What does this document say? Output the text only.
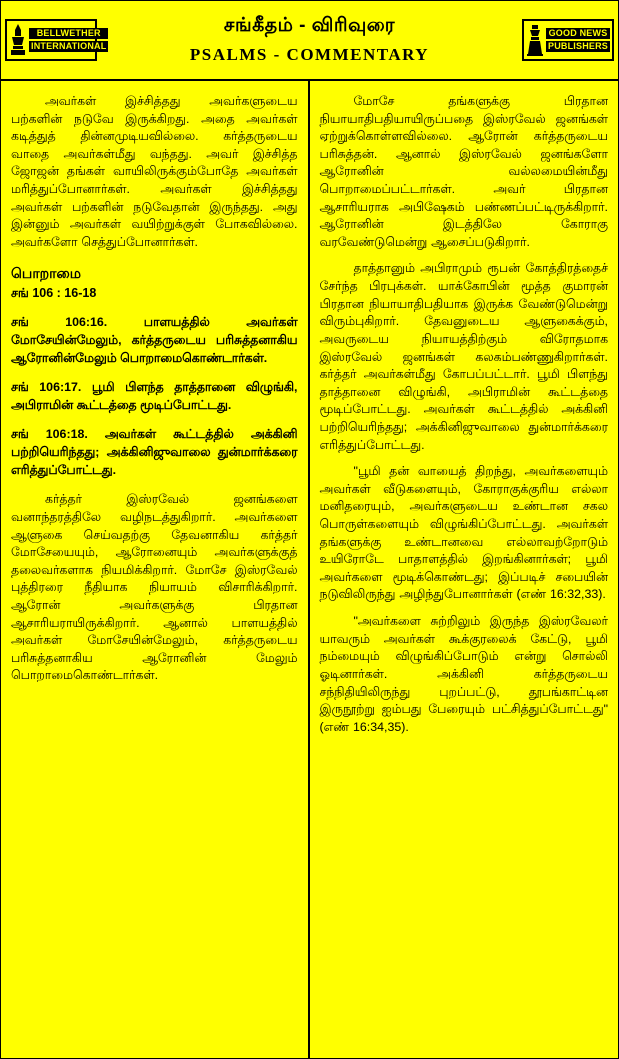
BELLWETHER
INTERNATIONAL
சங்கீதம் - விரிவுரை
PSALMS - COMMENTARY
GOOD NEWS
PUBLISHERS

அவர்கள் இச்சித்தது அவர்களுடைய பற்களின் நடுவே இருக்கிறது. அதை அவர்கள் கடித்துத் தின்னமுடியவில்லை. கர்த்தருடைய வாதை அவர்கள்மீது வந்தது. அவர் இச்சித்த ஜோஜன் தங்கள் வாயிலிருக்கும்போதே அவர்கள் மரித்துப்போனார்கள். அவர்கள் இச்சித்தது அவர்கள் பற்களின் நடுவேதான் இருந்தது. அது இன்னும் அவர்கள் வயிற்றுக்குள் போகவில்லை. அவர்களோ செத்துப்போனார்கள்.

பொறாமை
சங் 106 : 16-18

சங் 106:16. பாளயத்தில் அவர்கள் மோசேயின்மேலும், கர்த்தருடைய பரிசுத்தனாகிய ஆரோனின்மேலும் பொறாமைகொண்டார்கள்.

சங் 106:17. பூமி பிளந்த தாத்தானை விழுங்கி, அபிராமின் கூட்டத்தை மூடிப்போட்டது.

சங் 106:18. அவர்கள் கூட்டத்தில் அக்கினி பற்றியெரிந்தது; அக்கினிஜுவாலை துன்மார்க்கரை எரித்துப்போட்டது.

கர்த்தர் இஸ்ரவேல் ஜனங்களை வனாந்தரத்திலே வழிநடத்துகிறார். அவர்களை ஆளுகை செய்வதற்கு தேவனாகிய கர்த்தர் மோசேயையும், ஆரோனையும் அவர்களுக்குத் தலைவர்களாக நியமிக்கிறார். மோசே இஸ்ரவேல் புத்திரரை நீதியாக நியாயம் விசாரிக்கிறார். ஆரோன் அவர்களுக்கு பிரதான ஆசாரியராயிருக்கிறார். ஆனால் பாளயத்தில் அவர்கள் மோசேயின்மேலும், கர்த்தருடைய பரிசுத்தனாகிய ஆரோனின் மேலும் பொறாமைகொண்டார்கள்.

மோசே தங்களுக்கு பிரதான நியாயாதிபதியாயிருப்பதை இஸ்ரவேல் ஜனங்கள் ஏற்றுக்கொள்ளவில்லை. ஆரோன் கர்த்தருடைய பரிசுத்தன். ஆனால் இஸ்ரவேல் ஜனங்களோ ஆரோனின் வல்லமையின்மீது பொறாமைப்பட்டார்கள். அவர் பிரதான ஆசாரியராக அபிஷேகம் பண்ணப்பட்டிருக்கிறார். ஆரோனின் இடத்திலே கோராகு வரவேண்டுமென்று ஆசைப்படுகிறார்.

தாத்தானும் அபிராமும் ரூபன் கோத்திரத்தைச் சேர்ந்த பிரபுக்கள். யாக்கோபின் மூத்த குமாரன் பிரதான நியாயாதிபதியாக இருக்க வேண்டுமென்று விரும்புகிறார். தேவனுடைய ஆளுகைக்கும், அவருடைய நியாயத்திற்கும் விரோதமாக இஸ்ரவேல் ஜனங்கள் கலகம்பண்ணுகிறார்கள். கர்த்தர் அவர்கள்மீது கோபப்பட்டார். பூமி பிளந்து தாத்தானை விழுங்கி, அபிராமின் கூட்டத்தை மூடிப்போட்டது. அவர்கள் கூட்டத்தில் அக்கினி பற்றியெரிந்தது; அக்கினிஜுவாலை துன்மார்க்கரை எரித்துப்போட்டது.

"பூமி தன் வாயைத் திறந்து, அவர்களையும் அவர்கள் வீடுகளையும், கோராகுக்குரிய எல்லா மனிதரையும், அவர்களுடைய உண்டான சகல பொருள்களையும் விழுங்கிப்போட்டது. அவர்கள் தங்களுக்கு உண்டானவை எல்லாவற்றோடும் உயிரோடே பாதாளத்தில் இறங்கினார்கள்; பூமி அவர்களை மூடிக்கொண்டது; இப்படிச் சபையின் நடுவிலிருந்து அழிந்துபோனார்கள் (எண் 16:32,33).

"அவர்களை சுற்றிலும் இருந்த இஸ்ரவேலர் யாவரும் அவர்கள் கூக்குரலைக் கேட்டு, பூமி நம்மையும் விழுங்கிப்போடும் என்று சொல்லி ஓடினார்கள். அக்கினி கர்த்தருடைய சந்நிதியிலிருந்து புறப்பட்டு, தூபங்காட்டின இருநூற்று ஐம்பது பேரையும் பட்சித்துப்போட்டது" (எண் 16:34,35).
